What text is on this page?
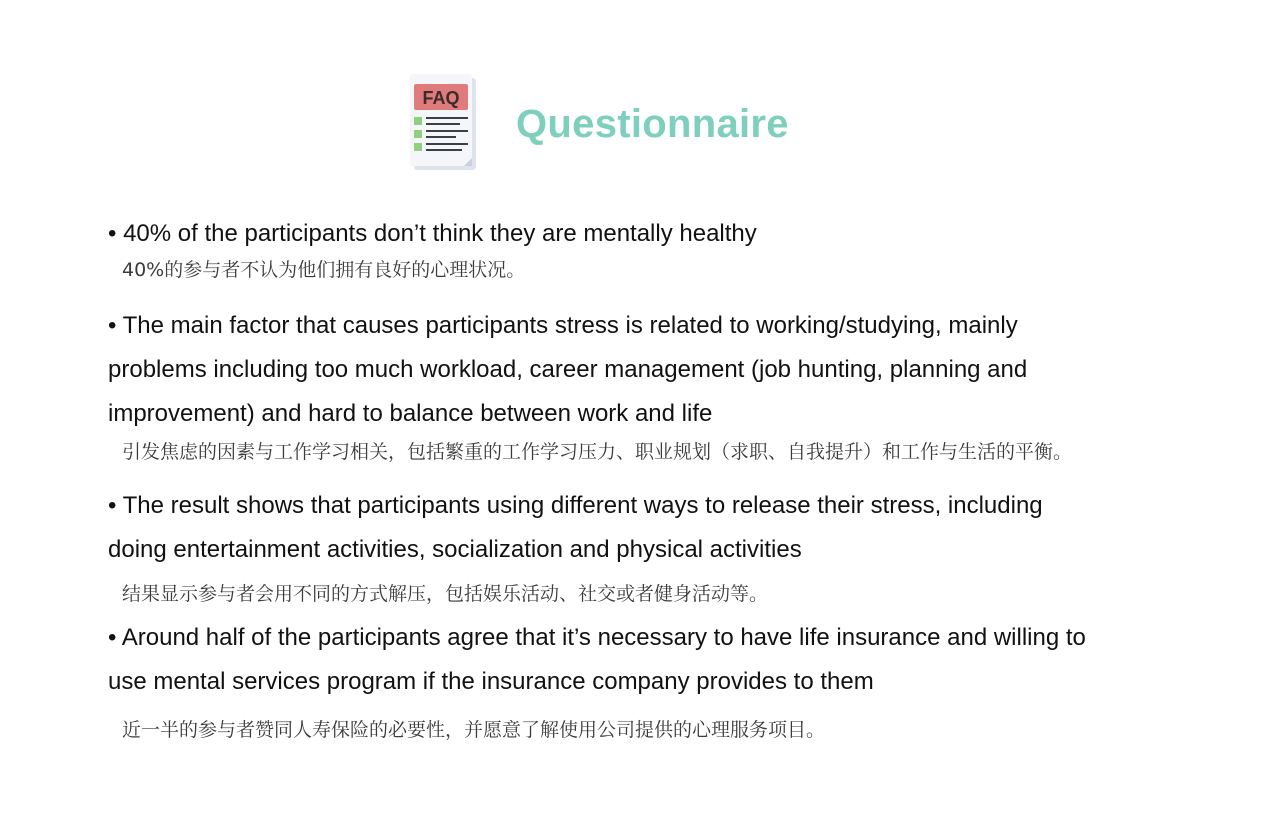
FAQ
Questionnaire

• 40% of the participants don’t think they are mentally healthy

40%的参与者不认为他们拥有良好的心理状况。

• The main factor that causes participants stress is related to working/studying, mainly problems including too much workload, career management (job hunting, planning and improvement) and hard to balance between work and life

引发焦虑的因素与工作学习相关，包括繁重的工作学习压力、职业规划（求职、自我提升）和工作与生活的平衡。

• The result shows that participants using different ways to release their stress, including doing entertainment activities, socialization and physical activities

结果显示参与者会用不同的方式解压，包括娱乐活动、社交或者健身活动等。

• Around half of the participants agree that it’s necessary to have life insurance and willing to use mental services program if the insurance company provides to them

近一半的参与者赞同人寿保险的必要性，并愿意了解使用公司提供的心理服务项目。
